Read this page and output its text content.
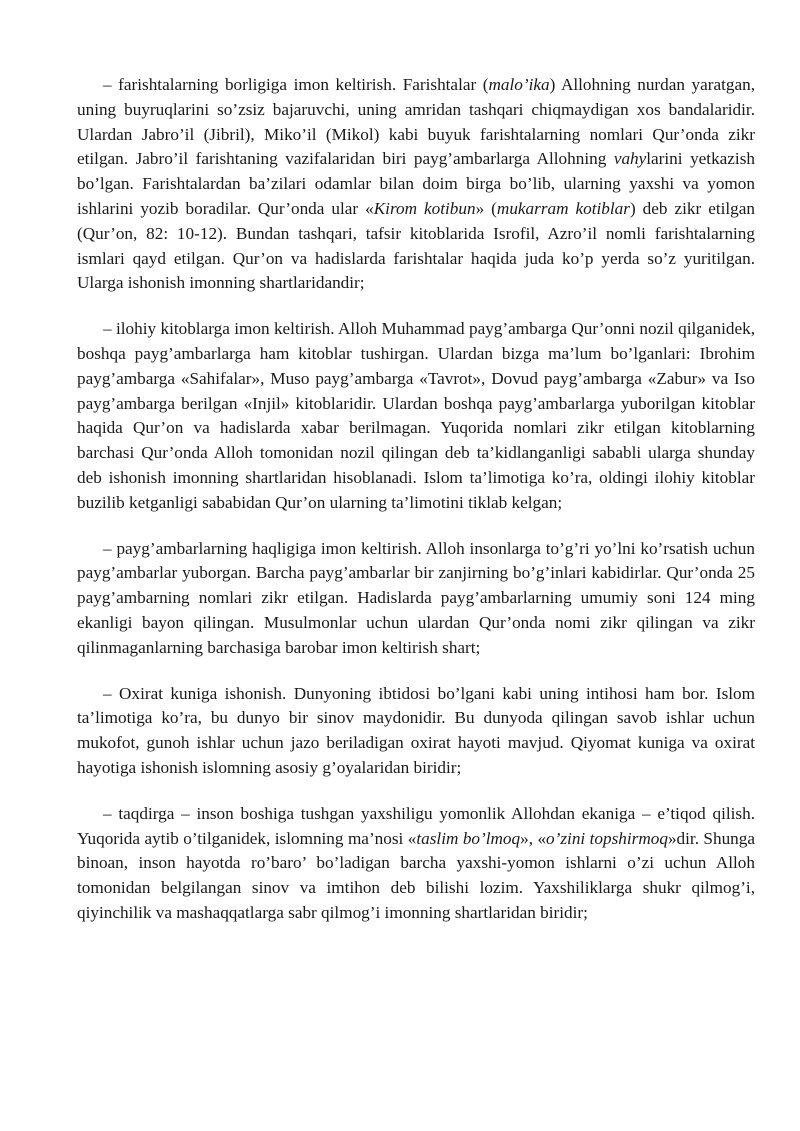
– farishtalarning borligiga imon keltirish. Farishtalar (malo’ika) Allohning nurdan yaratgan, uning buyruqlarini so’zsiz bajaruvchi, uning amridan tashqari chiqmaydigan xos bandalaridir. Ulardan Jabro’il (Jibril), Miko’il (Mikol) kabi buyuk farishtalarning nomlari Qur’onda zikr etilgan. Jabro’il farishtaning vazifalaridan biri payg’ambarlarga Allohning vahylarini yetkazish bo’lgan. Farishtalardan ba’zilari odamlar bilan doim birga bo’lib, ularning yaxshi va yomon ishlarini yozib boradilar. Qur’onda ular «Kirom kotibun» (mukarram kotiblar) deb zikr etilgan (Qur’on, 82: 10-12). Bundan tashqari, tafsir kitoblarida Isrofil, Azro’il nomli farishtalarning ismlari qayd etilgan. Qur’on va hadislarda farishtalar haqida juda ko’p yerda so’z yuritilgan. Ularga ishonish imonning shartlaridandir;

– ilohiy kitoblarga imon keltirish. Alloh Muhammad payg’ambarga Qur’onni nozil qilganidek, boshqa payg’ambarlarga ham kitoblar tushirgan. Ulardan bizga ma’lum bo’lganlari: Ibrohim payg’ambarga «Sahifalar», Muso payg’ambarga «Tavrot», Dovud payg’ambarga «Zabur» va Iso payg’ambarga berilgan «Injil» kitoblaridir. Ulardan boshqa payg’ambarlarga yuborilgan kitoblar haqida Qur’on va hadislarda xabar berilmagan. Yuqorida nomlari zikr etilgan kitoblarning barchasi Qur’onda Alloh tomonidan nozil qilingan deb ta’kidlanganligi sababli ularga shunday deb ishonish imonning shartlaridan hisoblanadi. Islom ta’limotiga ko’ra, oldingi ilohiy kitoblar buzilib ketganligi sababidan Qur’on ularning ta’limotini tiklab kelgan;

– payg’ambarlarning haqligiga imon keltirish. Alloh insonlarga to’g’ri yo’lni ko’rsatish uchun payg’ambarlar yuborgan. Barcha payg’ambarlar bir zanjirning bo’g’inlari kabidirlar. Qur’onda 25 payg’ambarning nomlari zikr etilgan. Hadislarda payg’ambarlarning umumiy soni 124 ming ekanligi bayon qilingan. Musulmonlar uchun ulardan Qur’onda nomi zikr qilingan va zikr qilinmaganlarning barchasiga barobar imon keltirish shart;

– Oxirat kuniga ishonish. Dunyoning ibtidosi bo’lgani kabi uning intihosi ham bor. Islom ta’limotiga ko’ra, bu dunyo bir sinov maydonidir. Bu dunyoda qilingan savob ishlar uchun mukofot, gunoh ishlar uchun jazo beriladigan oxirat hayoti mavjud. Qiyomat kuniga va oxirat hayotiga ishonish islomning asosiy g’oyalaridan biridir;

– taqdirga – inson boshiga tushgan yaxshiligu yomonlik Allohdan ekaniga – e’tiqod qilish. Yuqorida aytib o’tilganidek, islomning ma’nosi «taslim bo’lmoq», «o’zini topshirmoq»dir. Shunga binoan, inson hayotda ro’baro’ bo’ladigan barcha yaxshi-yomon ishlarni o’zi uchun Alloh tomonidan belgilangan sinov va imtihon deb bilishi lozim. Yaxshiliklarga shukr qilmog’i, qiyinchilik va mashaqqatlarga sabr qilmog’i imonning shartlaridan biridir;
